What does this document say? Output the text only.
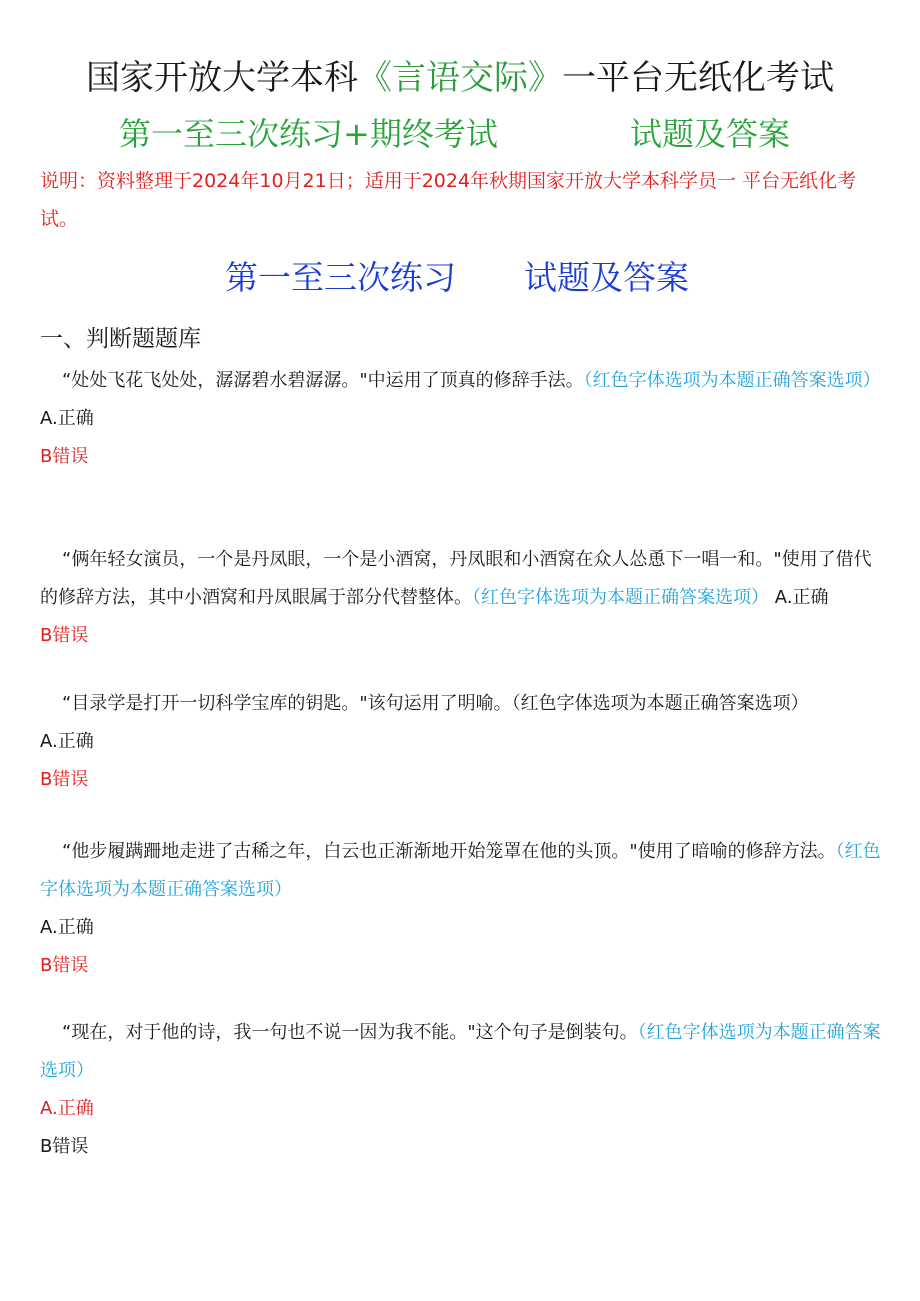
国家开放大学本科《言语交际》一平台无纸化考试
第一至三次练习+期终考试	试题及答案
说明：资料整理于2024年10月21日；适用于2024年秋期国家开放大学本科学员一 平台无纸化考试。
第一至三次练习 试题及答案
一、判断题题库

“处处飞花飞处处，潺潺碧水碧潺潺。"中运用了顶真的修辞手法。（红色字体选项为本题正确答案选项）

A.正确

B错误

“俩年轻女演员，一个是丹凤眼，一个是小酒窝，丹凤眼和小酒窝在众人怂恿下一唱一和。"使用了借代的修辞方法，其中小酒窝和丹凤眼属于部分代替整体。（红色字体选项为本题正确答案选项） A.正确

B错误

“目录学是打开一切科学宝库的钥匙。"该句运用了明喻。（红色字体选项为本题正确答案选项）

A.正确

B错误

“他步履蹒跚地走进了古稀之年，白云也正渐渐地开始笼罩在他的头顶。"使用了暗喻的修辞方法。（红色字体选项为本题正确答案选项）

A.正确

B错误

“现在，对于他的诗，我一句也不说一因为我不能。"这个句子是倒装句。（红色字体选项为本题正确答案选项）

A.正确

B错误
